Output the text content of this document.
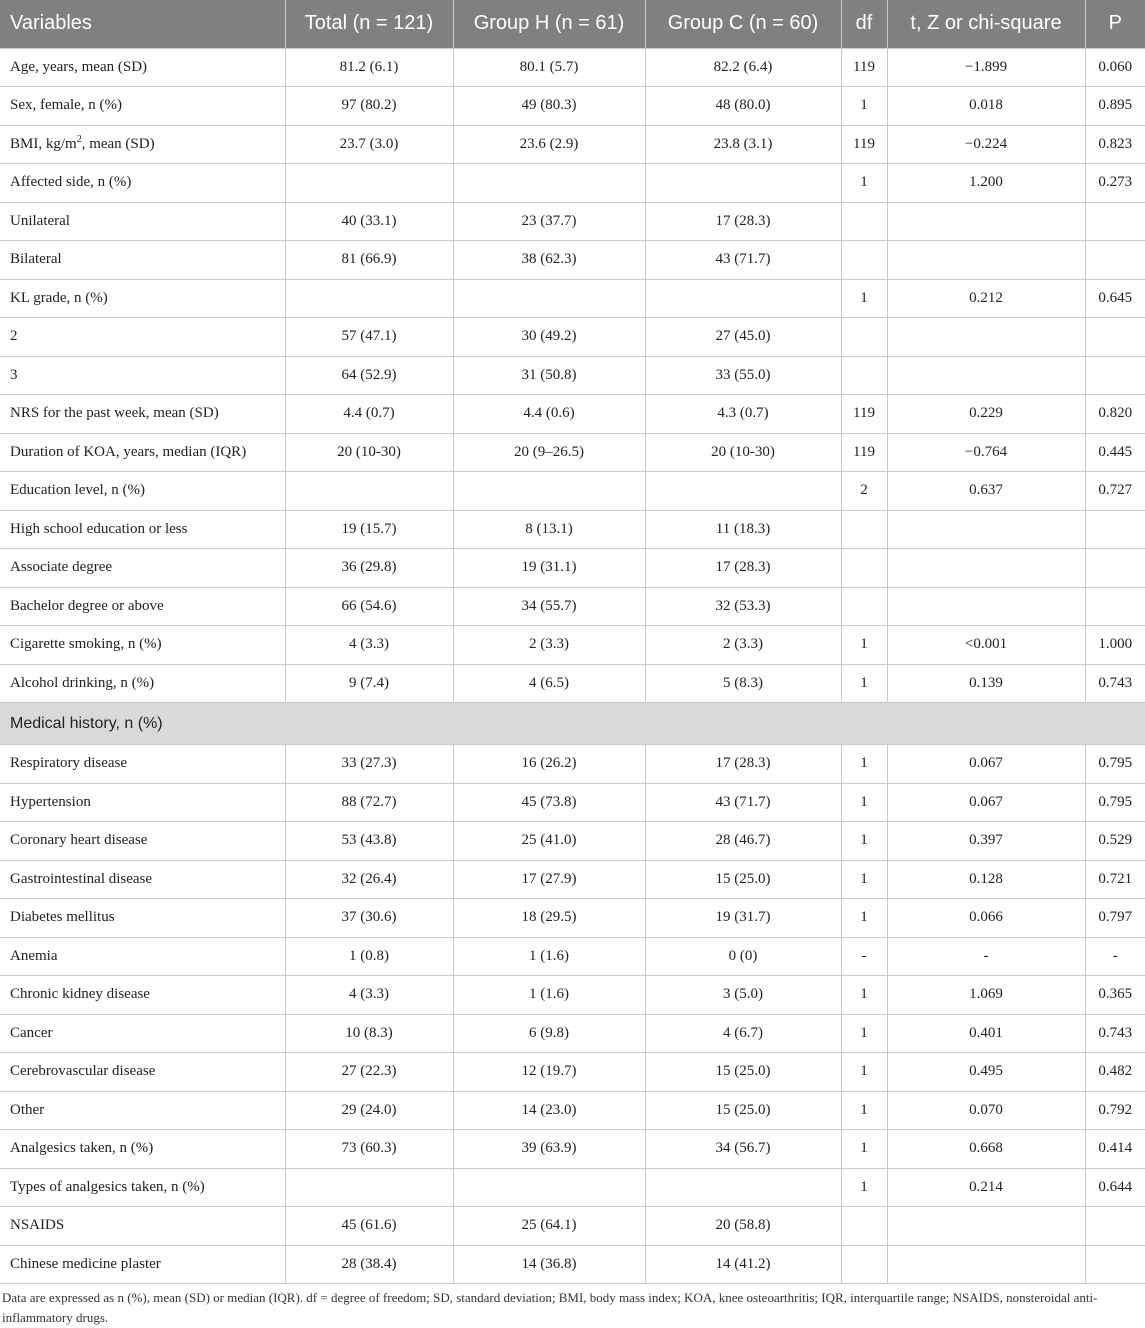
Variables	Total (n = 121)	Group H (n = 61)	Group C (n = 60)	df	t, Z or chi-square	P
Age, years, mean (SD)	81.2 (6.1)	80.1 (5.7)	82.2 (6.4)	119	−1.899	0.060
Sex, female, n (%)	97 (80.2)	49 (80.3)	48 (80.0)	1	0.018	0.895
BMI, $kg/m^2$, mean (SD)	23.7 (3.0)	23.6 (2.9)	23.8 (3.1)	119	−0.224	0.823
Affected side, n (%)				1	1.200	0.273
Unilateral	40 (33.1)	23 (37.7)	17 (28.3)			
Bilateral	81 (66.9)	38 (62.3)	43 (71.7)			
KL grade, n (%)				1	0.212	0.645
2	57 (47.1)	30 (49.2)	27 (45.0)			
3	64 (52.9)	31 (50.8)	33 (55.0)			
NRS for the past week, mean (SD)	4.4 (0.7)	4.4 (0.6)	4.3 (0.7)	119	0.229	0.820
Duration of KOA, years, median (IQR)	20 (10-30)	20 (9–26.5)	20 (10-30)	119	−0.764	0.445
Education level, n (%)				2	0.637	0.727
High school education or less	19 (15.7)	8 (13.1)	11 (18.3)			
Associate degree	36 (29.8)	19 (31.1)	17 (28.3)			
Bachelor degree or above	66 (54.6)	34 (55.7)	32 (53.3)			
Cigarette smoking, n (%)	4 (3.3)	2 (3.3)	2 (3.3)	1	<0.001	1.000
Alcohol drinking, n (%)	9 (7.4)	4 (6.5)	5 (8.3)	1	0.139	0.743
Medical history, n (%)						
Respiratory disease	33 (27.3)	16 (26.2)	17 (28.3)	1	0.067	0.795
Hypertension	88 (72.7)	45 (73.8)	43 (71.7)	1	0.067	0.795
Coronary heart disease	53 (43.8)	25 (41.0)	28 (46.7)	1	0.397	0.529
Gastrointestinal disease	32 (26.4)	17 (27.9)	15 (25.0)	1	0.128	0.721
Diabetes mellitus	37 (30.6)	18 (29.5)	19 (31.7)	1	0.066	0.797
Anemia	1 (0.8)	1 (1.6)	0 (0)	-	-	-
Chronic kidney disease	4 (3.3)	1 (1.6)	3 (5.0)	1	1.069	0.365
Cancer	10 (8.3)	6 (9.8)	4 (6.7)	1	0.401	0.743
Cerebrovascular disease	27 (22.3)	12 (19.7)	15 (25.0)	1	0.495	0.482
Other	29 (24.0)	14 (23.0)	15 (25.0)	1	0.070	0.792
Analgesics taken, n (%)	73 (60.3)	39 (63.9)	34 (56.7)	1	0.668	0.414
Types of analgesics taken, n (%)				1	0.214	0.644
NSAIDS	45 (61.6)	25 (64.1)	20 (58.8)			
Chinese medicine plaster	28 (38.4)	14 (36.8)	14 (41.2)			
Data are expressed as n (%), mean (SD) or median (IQR). df = degree of freedom; SD, standard deviation; BMI, body mass index; KOA, knee osteoarthritis; IQR, interquartile range; NSAIDS, nonsteroidal anti-inflammatory drugs.
